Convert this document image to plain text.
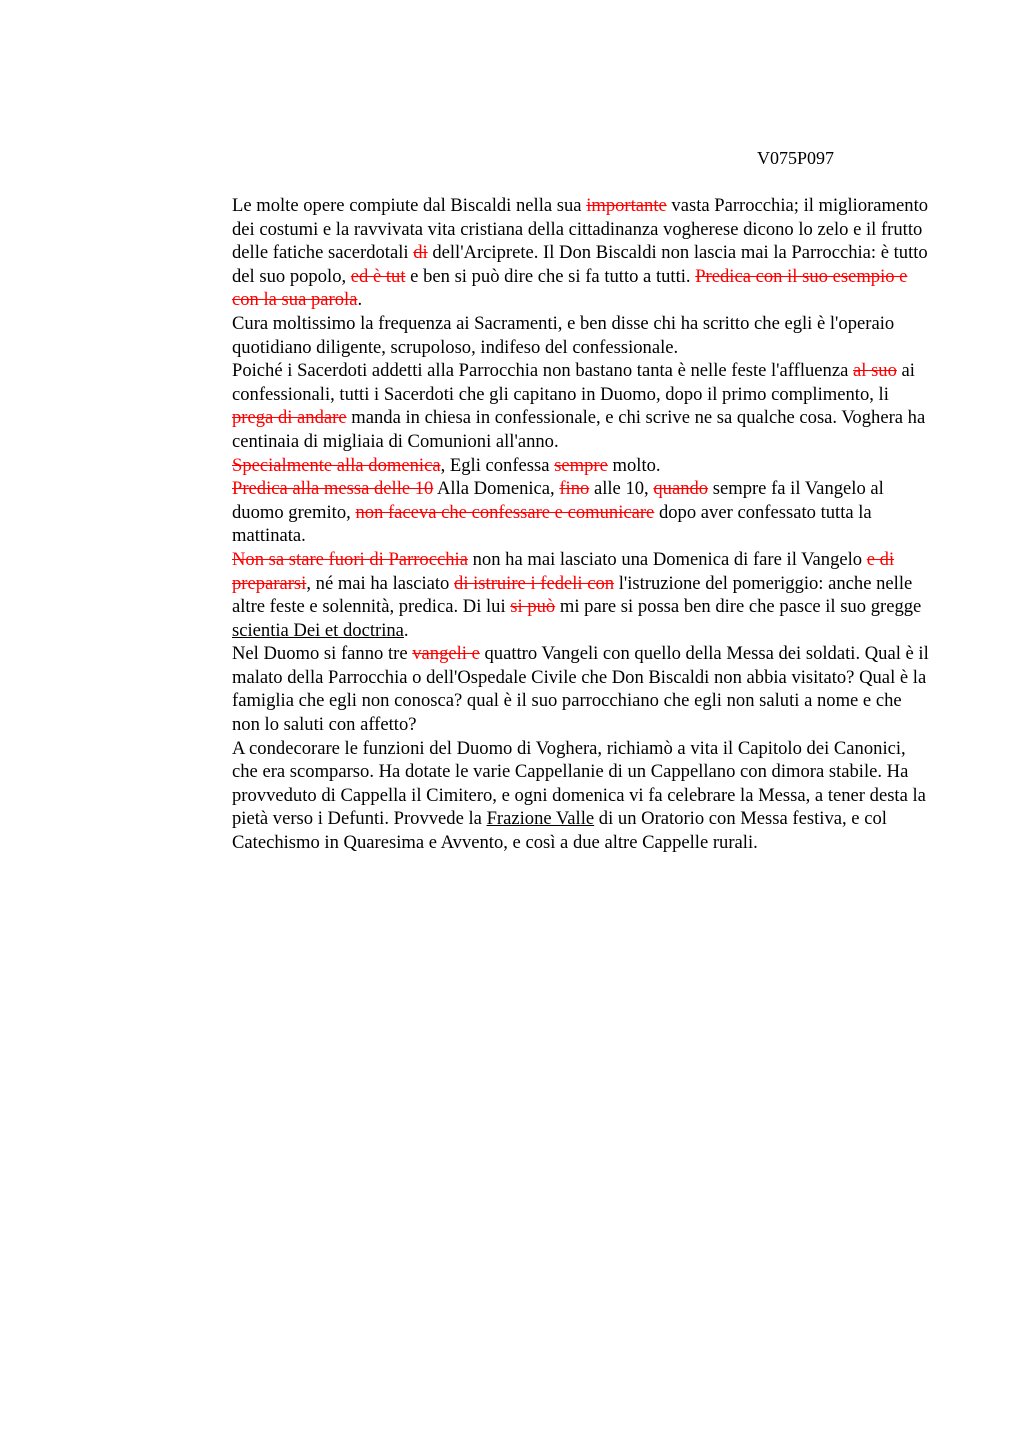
V075P097

Le molte opere compiute dal Biscaldi nella sua importante vasta Parrocchia; il miglioramento dei costumi e la ravvivata vita cristiana della cittadinanza vogherese dicono lo zelo e il frutto delle fatiche sacerdotali di dell'Arciprete. Il Don Biscaldi non lascia mai la Parrocchia: è tutto del suo popolo, ed è tut e ben si può dire che si fa tutto a tutti. Predica con il suo esempio e con la sua parola.

Cura moltissimo la frequenza ai Sacramenti, e ben disse chi ha scritto che egli è l'operaio quotidiano diligente, scrupoloso, indifeso del confessionale.

Poiché i Sacerdoti addetti alla Parrocchia non bastano tanta è nelle feste l'affluenza al suo ai confessionali, tutti i Sacerdoti che gli capitano in Duomo, dopo il primo complimento, li prega di andare manda in chiesa in confessionale, e chi scrive ne sa qualche cosa. Voghera ha centinaia di migliaia di Comunioni all'anno.

Specialmente alla domenica, Egli confessa sempre molto.

Predica alla messa delle 10 Alla Domenica, fino alle 10, quando sempre fa il Vangelo al duomo gremito, non faceva che confessare e comunicare dopo aver confessato tutta la mattinata.

Non sa stare fuori di Parrocchia non ha mai lasciato una Domenica di fare il Vangelo e di prepararsi, né mai ha lasciato di istruire i fedeli con l'istruzione del pomeriggio: anche nelle altre feste e solennità, predica. Di lui si può mi pare si possa ben dire che pasce il suo gregge scientia Dei et doctrina.

Nel Duomo si fanno tre vangeli e quattro Vangeli con quello della Messa dei soldati. Qual è il malato della Parrocchia o dell'Ospedale Civile che Don Biscaldi non abbia visitato? Qual è la famiglia che egli non conosca? qual è il suo parrocchiano che egli non saluti a nome e che non lo saluti con affetto?

A condecorare le funzioni del Duomo di Voghera, richiamò a vita il Capitolo dei Canonici, che era scomparso. Ha dotate le varie Cappellanie di un Cappellano con dimora stabile. Ha provveduto di Cappella il Cimitero, e ogni domenica vi fa celebrare la Messa, a tener desta la pietà verso i Defunti. Provvede la Frazione Valle di un Oratorio con Messa festiva, e col Catechismo in Quaresima e Avvento, e così a due altre Cappelle rurali.
